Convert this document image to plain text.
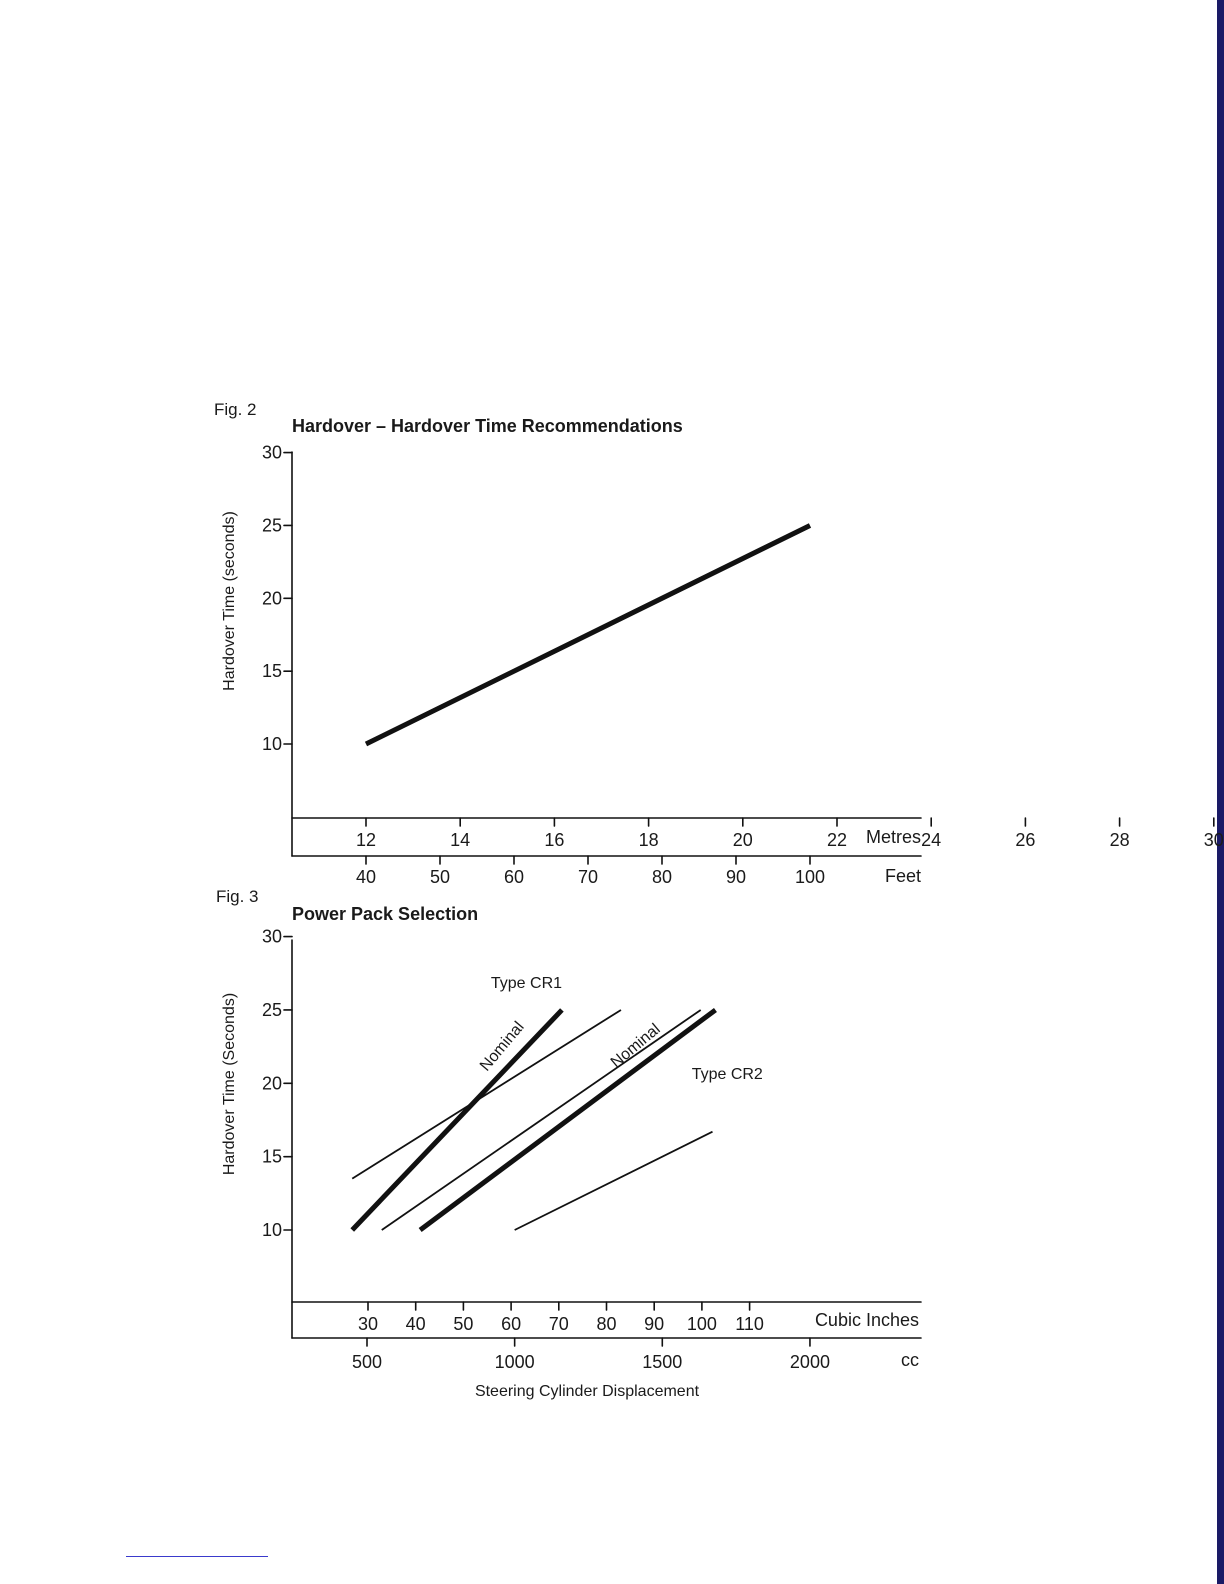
Fig. 2
Hardover – Hardover Time Recommendations
Hardover Time (seconds)
10
15
20
25
30
12	14	16	18	20	22	24	26	28	30
40	50	60	70	80	90	100
Metres
Feet
Fig. 3
Power Pack Selection
Hardover Time (Seconds)
10
15
20
25
30
30 40 50 60 70 80 90 100 110
500	1000	1500	2000
Cubic Inches
cc
Steering Cylinder Displacement
Type CR1
Nominal	Type CR2
Nominal
